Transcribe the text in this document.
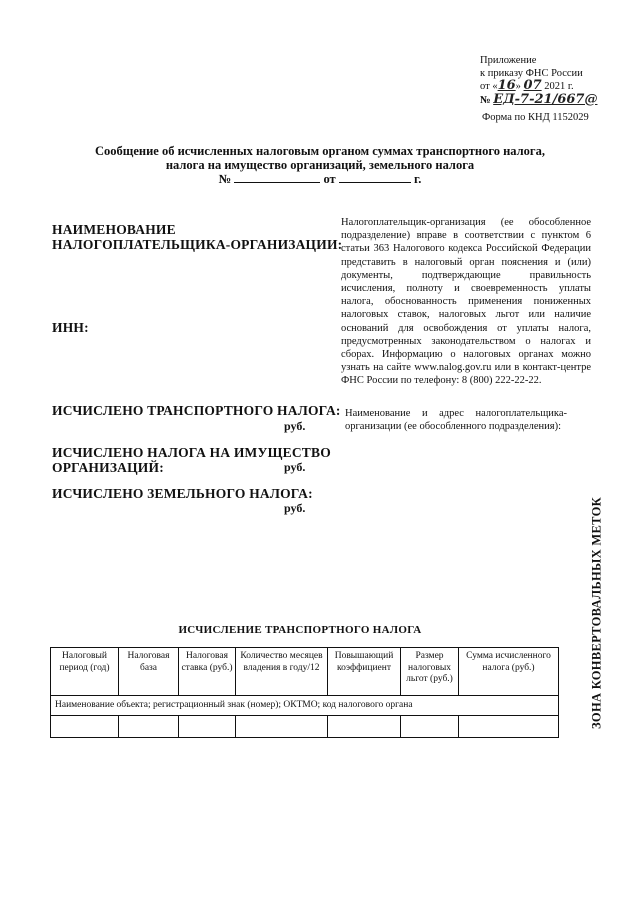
Приложение
к приказу ФНС России
от «16» 07 2021 г.
№ ЕД-7-21/667@
Форма по КНД 1152029
Сообщение об исчисленных налоговым органом суммах транспортного налога,
налога на имущество организаций, земельного налога
№	от	г.
НАИМЕНОВАНИЕ
НАЛОГОПЛАТЕЛЬЩИКА-ОРГАНИЗАЦИИ:
ИНН:
Налогоплательщик-организация (ее обособленное подразделение) вправе в соответствии с пунктом 6 статьи 363 Налогового кодекса Российской Федерации представить в налоговый орган пояснения и (или) документы, подтверждающие правильность исчисления, полноту и своевременность уплаты налога, обоснованность применения пониженных налоговых ставок, налоговых льгот или наличие оснований для освобождения от уплаты налога, предусмотренных законодательством о налогах и сборах. Информацию о налоговых органах можно узнать на сайте www.nalog.gov.ru или в контакт-центре ФНС России по телефону: 8 (800) 222-22-22.
ИСЧИСЛЕНО ТРАНСПОРТНОГО НАЛОГА:
руб.
Наименование и адрес налогоплательщика-организации (ее обособленного подразделения):
ИСЧИСЛЕНО НАЛОГА НА ИМУЩЕСТВО
ОРГАНИЗАЦИЙ:	руб.
ИСЧИСЛЕНО ЗЕМЕЛЬНОГО НАЛОГА:
руб.	ЗОНА КОНВЕРТОВАЛЬНЫХ МЕТОК
ИСЧИСЛЕНИЕ ТРАНСПОРТНОГО НАЛОГА
Налоговый период (год)	Налоговая база	Налоговая ставка (руб.)	Количество месяцев владения в году/12	Повышающий коэффициент	Размер налоговых льгот (руб.)	Сумма исчисленного налога (руб.)
Наименование объекта; регистрационный знак (номер); ОКТМО; код налогового органа						
